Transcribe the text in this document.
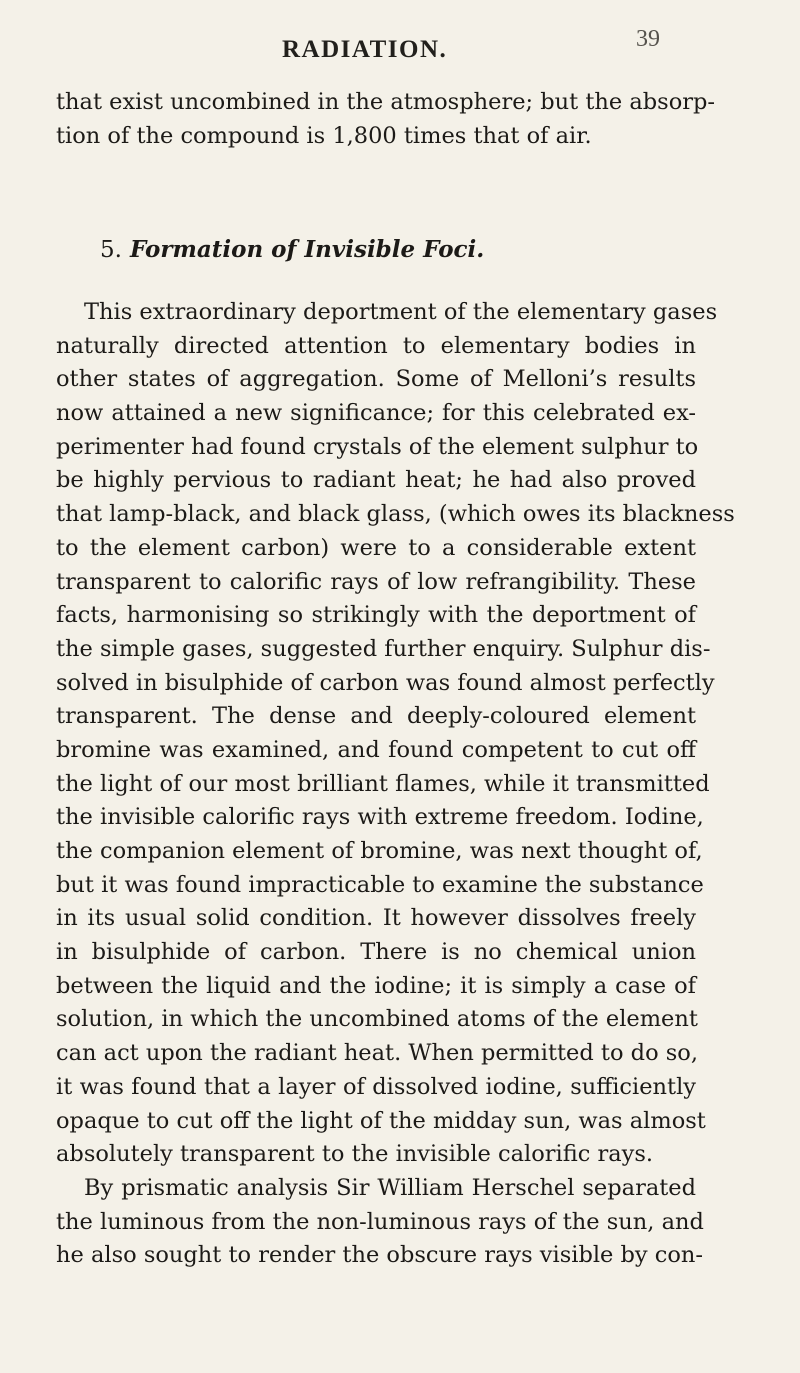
RADIATION.	39
that exist uncombined in the atmosphere; but the absorp-
tion of the compound is 1,800 times that of air.
5. Formation of Invisible Foci.
This extraordinary deportment of the elementary gases
naturally directed attention to elementary bodies in
other states of aggregation. Some of Melloni’s results
now attained a new significance; for this celebrated ex-
perimenter had found crystals of the element sulphur to
be highly pervious to radiant heat; he had also proved
that lamp-black, and black glass, (which owes its blackness
to the element carbon) were to a considerable extent
transparent to calorific rays of low refrangibility. These
facts, harmonising so strikingly with the deportment of
the simple gases, suggested further enquiry. Sulphur dis-
solved in bisulphide of carbon was found almost perfectly
transparent. The dense and deeply-coloured element
bromine was examined, and found competent to cut off
the light of our most brilliant flames, while it transmitted
the invisible calorific rays with extreme freedom. Iodine,
the companion element of bromine, was next thought of,
but it was found impracticable to examine the substance
in its usual solid condition. It however dissolves freely
in bisulphide of carbon. There is no chemical union
between the liquid and the iodine; it is simply a case of
solution, in which the uncombined atoms of the element
can act upon the radiant heat. When permitted to do so,
it was found that a layer of dissolved iodine, sufficiently
opaque to cut off the light of the midday sun, was almost
absolutely transparent to the invisible calorific rays.
By prismatic analysis Sir William Herschel separated
the luminous from the non-luminous rays of the sun, and
he also sought to render the obscure rays visible by con-
